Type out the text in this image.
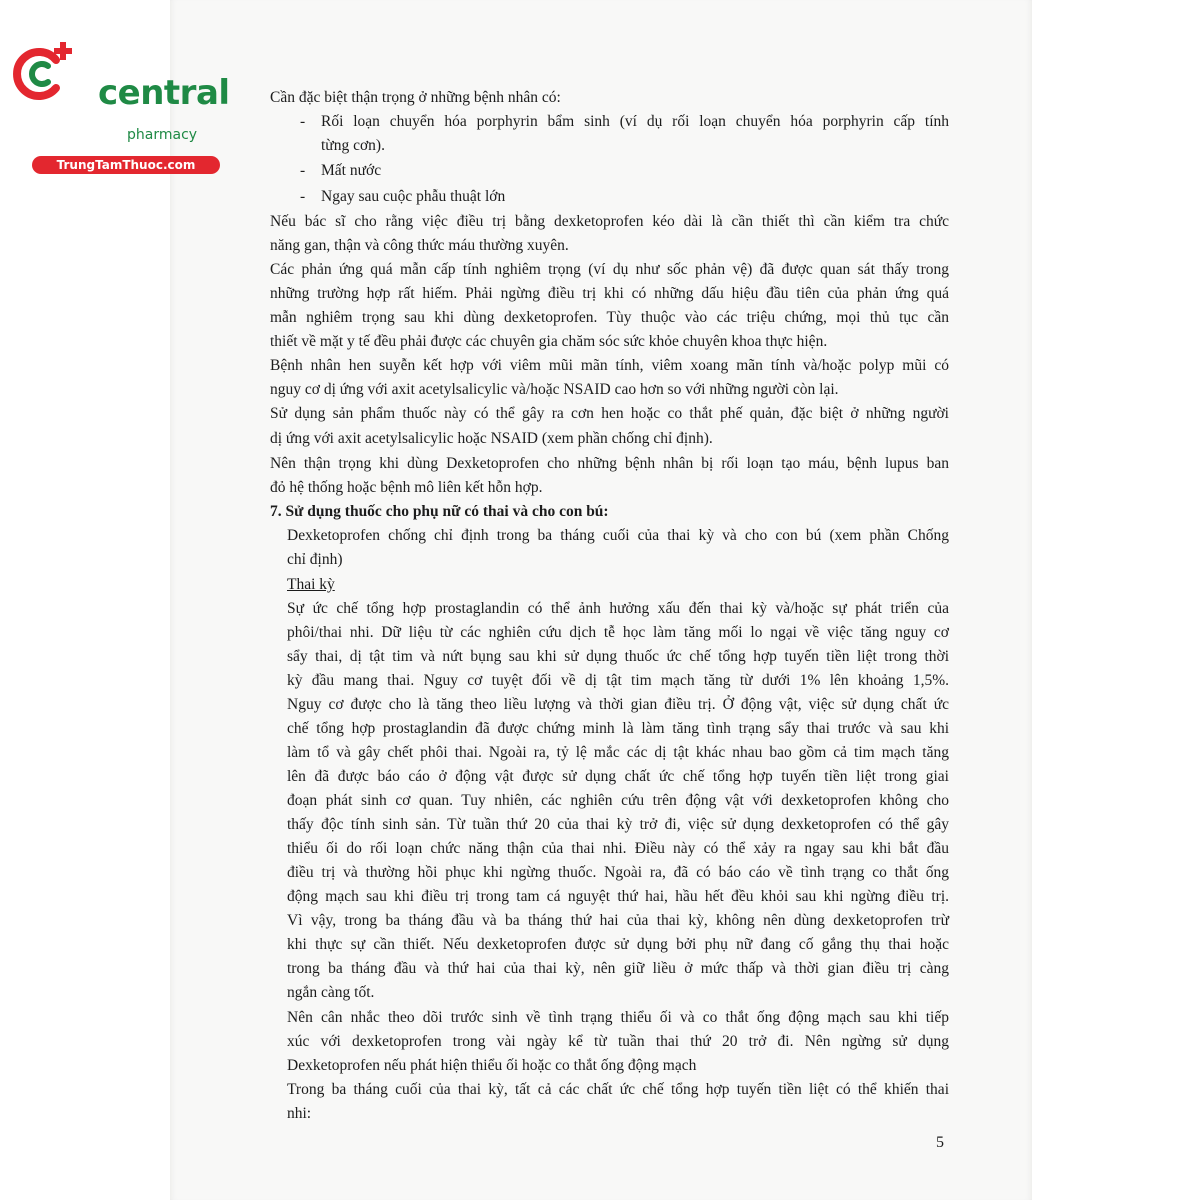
central
pharmacy
TrungTamThuoc.com
Cần đặc biệt thận trọng ở những bệnh nhân có:
- Rối loạn chuyển hóa porphyrin bẩm sinh (ví dụ rối loạn chuyển hóa porphyrin cấp tính
từng cơn).
- Mất nước
- Ngay sau cuộc phẫu thuật lớn
Nếu bác sĩ cho rằng việc điều trị bằng dexketoprofen kéo dài là cần thiết thì cần kiểm tra chức
năng gan, thận và công thức máu thường xuyên.
Các phản ứng quá mẫn cấp tính nghiêm trọng (ví dụ như sốc phản vệ) đã được quan sát thấy trong
những trường hợp rất hiếm. Phải ngừng điều trị khi có những dấu hiệu đầu tiên của phản ứng quá
mẫn nghiêm trọng sau khi dùng dexketoprofen. Tùy thuộc vào các triệu chứng, mọi thủ tục cần
thiết về mặt y tế đều phải được các chuyên gia chăm sóc sức khỏe chuyên khoa thực hiện.
Bệnh nhân hen suyễn kết hợp với viêm mũi mãn tính, viêm xoang mãn tính và/hoặc polyp mũi có
nguy cơ dị ứng với axit acetylsalicylic và/hoặc NSAID cao hơn so với những người còn lại.
Sử dụng sản phẩm thuốc này có thể gây ra cơn hen hoặc co thắt phế quản, đặc biệt ở những người
dị ứng với axit acetylsalicylic hoặc NSAID (xem phần chống chỉ định).
Nên thận trọng khi dùng Dexketoprofen cho những bệnh nhân bị rối loạn tạo máu, bệnh lupus ban
đỏ hệ thống hoặc bệnh mô liên kết hỗn hợp.
7. Sử dụng thuốc cho phụ nữ có thai và cho con bú:
Dexketoprofen chống chỉ định trong ba tháng cuối của thai kỳ và cho con bú (xem phần Chống
chỉ định)
Thai kỳ
Sự ức chế tổng hợp prostaglandin có thể ảnh hưởng xấu đến thai kỳ và/hoặc sự phát triển của
phôi/thai nhi. Dữ liệu từ các nghiên cứu dịch tễ học làm tăng mối lo ngại về việc tăng nguy cơ
sẩy thai, dị tật tim và nứt bụng sau khi sử dụng thuốc ức chế tổng hợp tuyến tiền liệt trong thời
kỳ đầu mang thai. Nguy cơ tuyệt đối về dị tật tim mạch tăng từ dưới 1% lên khoảng 1,5%.
Nguy cơ được cho là tăng theo liều lượng và thời gian điều trị. Ở động vật, việc sử dụng chất ức
chế tổng hợp prostaglandin đã được chứng minh là làm tăng tình trạng sẩy thai trước và sau khi
làm tổ và gây chết phôi thai. Ngoài ra, tỷ lệ mắc các dị tật khác nhau bao gồm cả tim mạch tăng
lên đã được báo cáo ở động vật được sử dụng chất ức chế tổng hợp tuyến tiền liệt trong giai
đoạn phát sinh cơ quan. Tuy nhiên, các nghiên cứu trên động vật với dexketoprofen không cho
thấy độc tính sinh sản. Từ tuần thứ 20 của thai kỳ trở đi, việc sử dụng dexketoprofen có thể gây
thiểu ối do rối loạn chức năng thận của thai nhi. Điều này có thể xảy ra ngay sau khi bắt đầu
điều trị và thường hồi phục khi ngừng thuốc. Ngoài ra, đã có báo cáo về tình trạng co thắt ống
động mạch sau khi điều trị trong tam cá nguyệt thứ hai, hầu hết đều khỏi sau khi ngừng điều trị.
Vì vậy, trong ba tháng đầu và ba tháng thứ hai của thai kỳ, không nên dùng dexketoprofen trừ
khi thực sự cần thiết. Nếu dexketoprofen được sử dụng bởi phụ nữ đang cố gắng thụ thai hoặc
trong ba tháng đầu và thứ hai của thai kỳ, nên giữ liều ở mức thấp và thời gian điều trị càng
ngắn càng tốt.
Nên cân nhắc theo dõi trước sinh về tình trạng thiểu ối và co thắt ống động mạch sau khi tiếp
xúc với dexketoprofen trong vài ngày kể từ tuần thai thứ 20 trở đi. Nên ngừng sử dụng
Dexketoprofen nếu phát hiện thiểu ối hoặc co thắt ống động mạch
Trong ba tháng cuối của thai kỳ, tất cả các chất ức chế tổng hợp tuyến tiền liệt có thể khiến thai
nhi:
5
